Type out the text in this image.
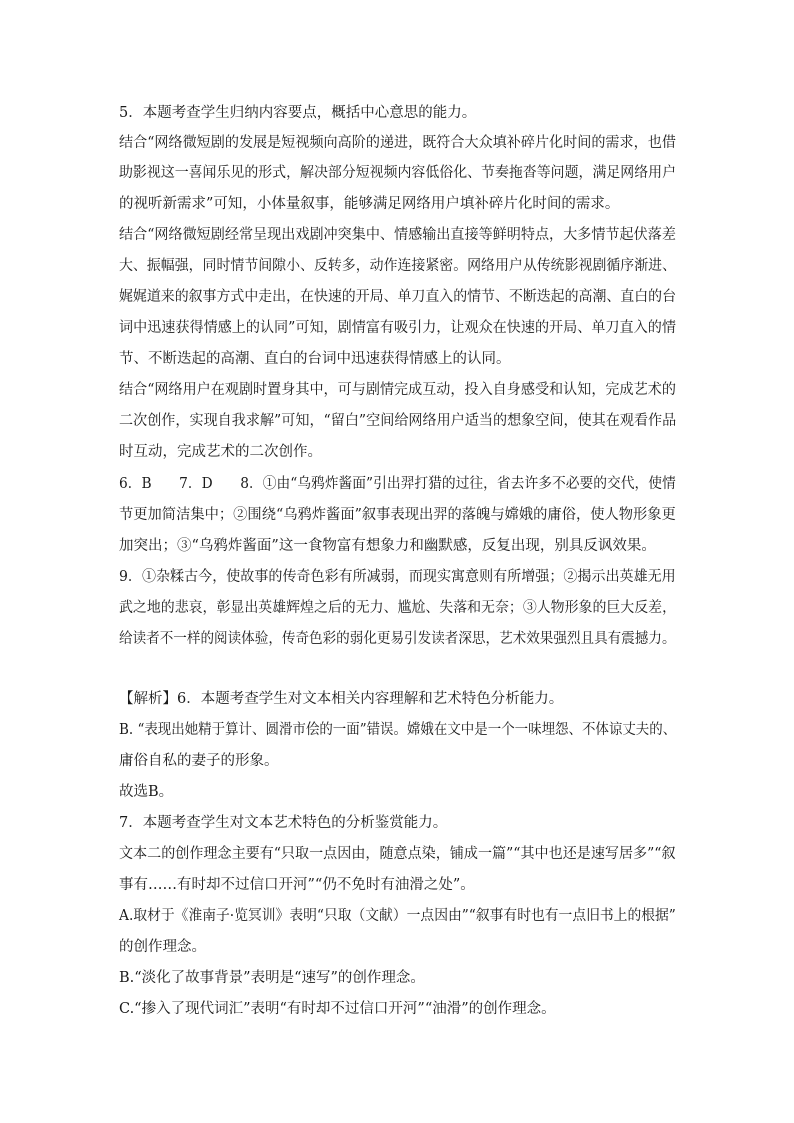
5．本题考查学生归纳内容要点，概括中心意思的能力。
结合“网络微短剧的发展是短视频向高阶的递进，既符合大众填补碎片化时间的需求，也借
助影视这一喜闻乐见的形式，解决部分短视频内容低俗化、节奏拖沓等问题，满足网络用户
的视听新需求”可知，小体量叙事，能够满足网络用户填补碎片化时间的需求。
结合“网络微短剧经常呈现出戏剧冲突集中、情感输出直接等鲜明特点，大多情节起伏落差
大、振幅强，同时情节间隙小、反转多，动作连接紧密。网络用户从传统影视剧循序渐进、
娓娓道来的叙事方式中走出，在快速的开局、单刀直入的情节、不断迭起的高潮、直白的台
词中迅速获得情感上的认同”可知，剧情富有吸引力，让观众在快速的开局、单刀直入的情
节、不断迭起的高潮、直白的台词中迅速获得情感上的认同。
结合“网络用户在观剧时置身其中，可与剧情完成互动，投入自身感受和认知，完成艺术的
二次创作，实现自我求解”可知，“留白”空间给网络用户适当的想象空间，使其在观看作品
时互动，完成艺术的二次创作。
6．B　　7．D　　8．①由“乌鸦炸酱面”引出羿打猎的过往，省去许多不必要的交代，使情
节更加简洁集中；②围绕“乌鸦炸酱面”叙事表现出羿的落魄与嫦娥的庸俗，使人物形象更
加突出；③“乌鸦炸酱面”这一食物富有想象力和幽默感，反复出现，别具反讽效果。
9．①杂糅古今，使故事的传奇色彩有所减弱，而现实寓意则有所增强；②揭示出英雄无用
武之地的悲哀，彰显出英雄辉煌之后的无力、尴尬、失落和无奈；③人物形象的巨大反差，
给读者不一样的阅读体验，传奇色彩的弱化更易引发读者深思，艺术效果强烈且具有震撼力。
【解析】6．本题考查学生对文本相关内容理解和艺术特色分析能力。
B. “表现出她精于算计、圆滑市侩的一面”错误。嫦娥在文中是一个一味埋怨、不体谅丈夫的、
庸俗自私的妻子的形象。
故选B。
7．本题考查学生对文本艺术特色的分析鉴赏能力。
文本二的创作理念主要有“只取一点因由，随意点染，铺成一篇”“其中也还是速写居多”“叙
事有……有时却不过信口开河”“仍不免时有油滑之处”。
A.取材于《淮南子·览冥训》表明“只取（文献）一点因由”“叙事有时也有一点旧书上的根据”
的创作理念。
B.“淡化了故事背景”表明是“速写”的创作理念。
C.“掺入了现代词汇”表明“有时却不过信口开河”“油滑”的创作理念。
